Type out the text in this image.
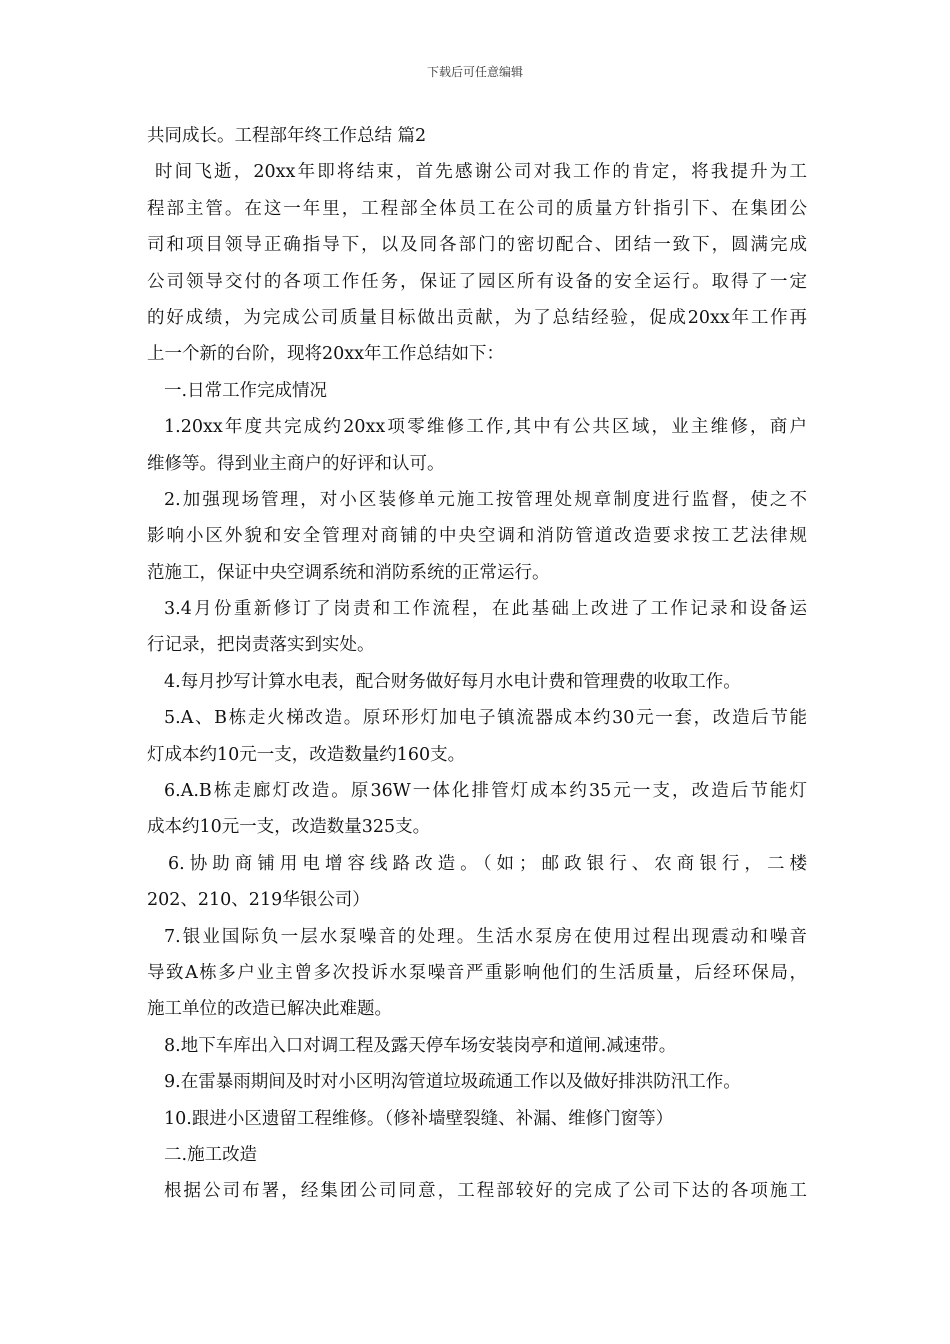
下载后可任意编辑
共同成长。工程部年终工作总结 篇2
时间飞逝，20xx年即将结束，首先感谢公司对我工作的肯定，将我提升为工
程部主管。在这一年里，工程部全体员工在公司的质量方针指引下、在集团公
司和项目领导正确指导下，以及同各部门的密切配合、团结一致下，圆满完成
公司领导交付的各项工作任务，保证了园区所有设备的安全运行。取得了一定
的好成绩，为完成公司质量目标做出贡献，为了总结经验，促成20xx年工作再
上一个新的台阶，现将20xx年工作总结如下：
一.日常工作完成情况
1.20xx年度共完成约20xx项零维修工作,其中有公共区域，业主维修，商户
维修等。得到业主商户的好评和认可。
2.加强现场管理，对小区装修单元施工按管理处规章制度进行监督，使之不
影响小区外貌和安全管理对商铺的中央空调和消防管道改造要求按工艺法律规
范施工，保证中央空调系统和消防系统的正常运行。
3.4月份重新修订了岗责和工作流程，在此基础上改进了工作记录和设备运
行记录，把岗责落实到实处。
4.每月抄写计算水电表，配合财务做好每月水电计费和管理费的收取工作。
5.A、B栋走火梯改造。原环形灯加电子镇流器成本约30元一套，改造后节能
灯成本约10元一支，改造数量约160支。
6.A.B栋走廊灯改造。原36W一体化排管灯成本约35元一支，改造后节能灯
成本约10元一支，改造数量325支。
6.协助商铺用电增容线路改造。（如；邮政银行、农商银行，二楼
202、210、219华银公司）
7.银业国际负一层水泵噪音的处理。生活水泵房在使用过程出现震动和噪音
导致A栋多户业主曾多次投诉水泵噪音严重影响他们的生活质量，后经环保局，
施工单位的改造已解决此难题。
8.地下车库出入口对调工程及露天停车场安装岗亭和道闸.减速带。
9.在雷暴雨期间及时对小区明沟管道垃圾疏通工作以及做好排洪防汛工作。
10.跟进小区遗留工程维修。（修补墙壁裂缝、补漏、维修门窗等）
二.施工改造
根据公司布署，经集团公司同意，工程部较好的完成了公司下达的各项施工
